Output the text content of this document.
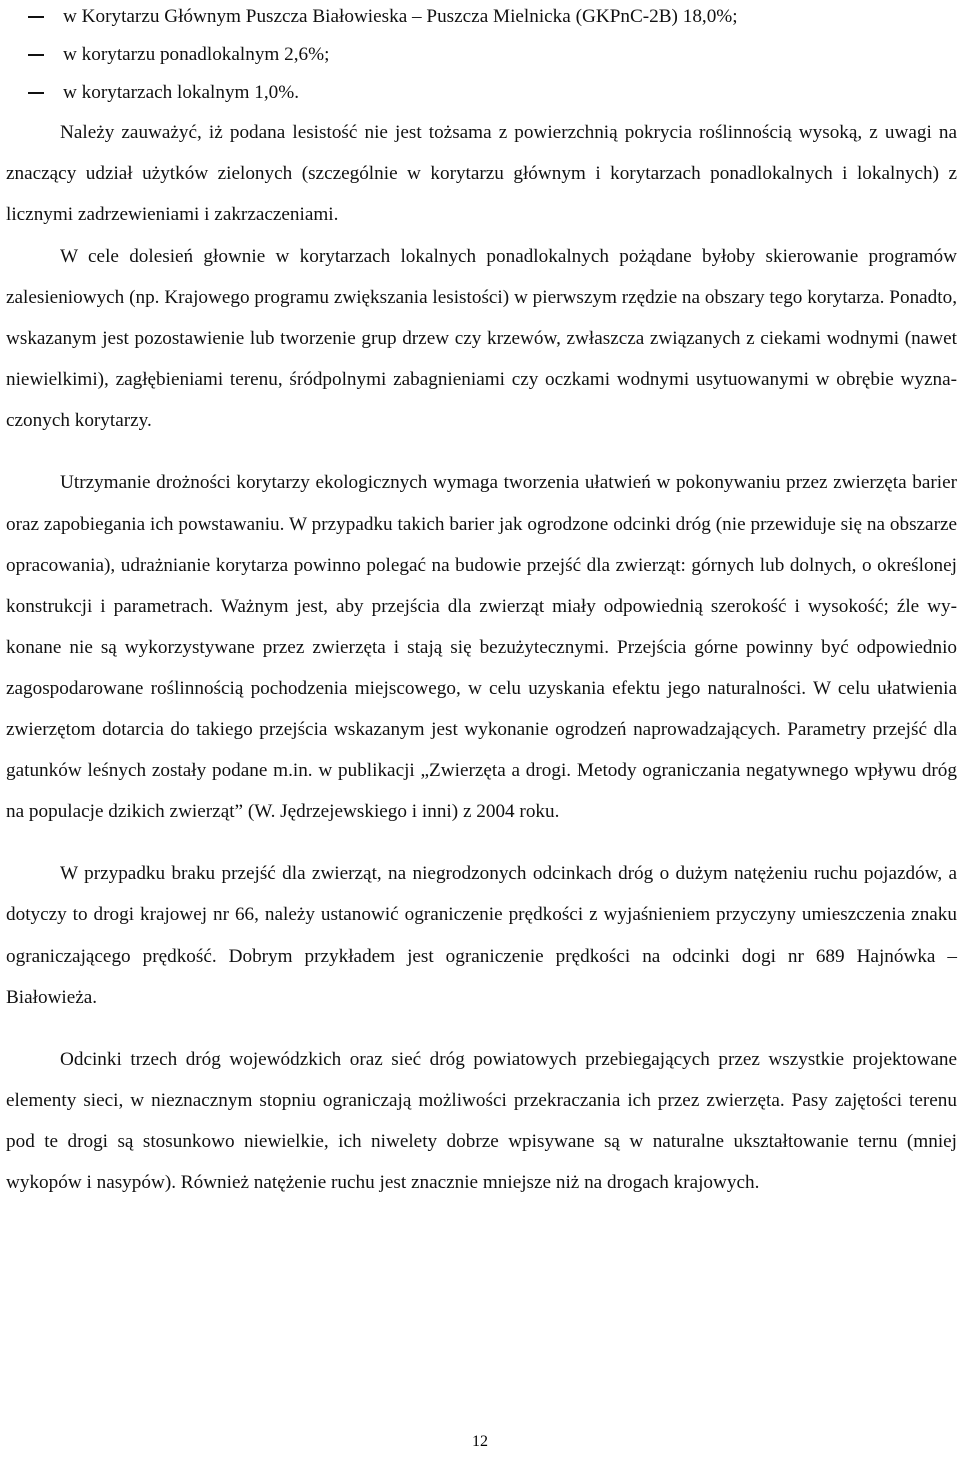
w Korytarzu Głównym Puszcza Białowieska – Puszcza Mielnicka (GKPnC-2B) 18,0%;
w korytarzu ponadlokalnym 2,6%;
w korytarzach lokalnym 1,0%.

Należy zauważyć, iż podana lesistość nie jest tożsama z powierzchnią pokrycia roślinnością wysoką, z uwagi na znaczący udział użytków zielonych (szczególnie w korytarzu głównym i korytarzach ponadlokalnych i lokalnych) z licznymi zadrzewieniami i zakrzaczeniami.

W cele dolesień głownie w korytarzach lokalnych ponadlokalnych pożądane byłoby skierowanie programów zalesieniowych (np. Krajowego programu zwiększania lesistości) w pierwszym rzędzie na obszary tego korytarza. Ponadto, wskazanym jest pozostawienie lub tworzenie grup drzew czy krzewów, zwłaszcza związanych z ciekami wodnymi (nawet niewielkimi), zagłębieniami terenu, śródpolnymi zabagnieniami czy oczkami wodnymi usytuowanymi w obrębie wyznaczonych korytarzy.

Utrzymanie drożności korytarzy ekologicznych wymaga tworzenia ułatwień w pokonywaniu przez zwierzęta barier oraz zapobiegania ich powstawaniu. W przypadku takich barier jak ogrodzone odcinki dróg (nie przewiduje się na obszarze opracowania), udrażnianie korytarza powinno polegać na budowie przejść dla zwierząt: górnych lub dolnych, o określonej konstrukcji i parametrach. Ważnym jest, aby przejścia dla zwierząt miały odpowiednią szerokość i wysokość; źle wykonane nie są wykorzystywane przez zwierzęta i stają się bezużytecznymi. Przejścia górne powinny być odpowiednio zagospodarowane roślinnością pochodzenia miejscowego, w celu uzyskania efektu jego naturalności. W celu ułatwienia zwierzętom dotarcia do takiego przejścia wskazanym jest wykonanie ogrodzeń naprowadzających. Parametry przejść dla gatunków leśnych zostały podane m.in. w publikacji „Zwierzęta a drogi. Metody ograniczania negatywnego wpływu dróg na populacje dzikich zwierząt” (W. Jędrzejewskiego i inni) z 2004 roku.

W przypadku braku przejść dla zwierząt, na niegrodzonych odcinkach dróg o dużym natężeniu ruchu pojazdów, a dotyczy to drogi krajowej nr 66, należy ustanowić ograniczenie prędkości z wyjaśnieniem przyczyny umieszczenia znaku ograniczającego prędkość. Dobrym przykładem jest ograniczenie prędkości na odcinki dogi nr 689 Hajnówka – Białowieża.

Odcinki trzech dróg wojewódzkich oraz sieć dróg powiatowych przebiegających przez wszystkie projektowane elementy sieci, w nieznacznym stopniu ograniczają możliwości przekraczania ich przez zwierzęta. Pasy zajętości terenu pod te drogi są stosunkowo niewielkie, ich niwelety dobrze wpisywane są w naturalne ukształtowanie ternu (mniej wykopów i nasypów). Również natężenie ruchu jest znacznie mniejsze niż na drogach krajowych.

12
